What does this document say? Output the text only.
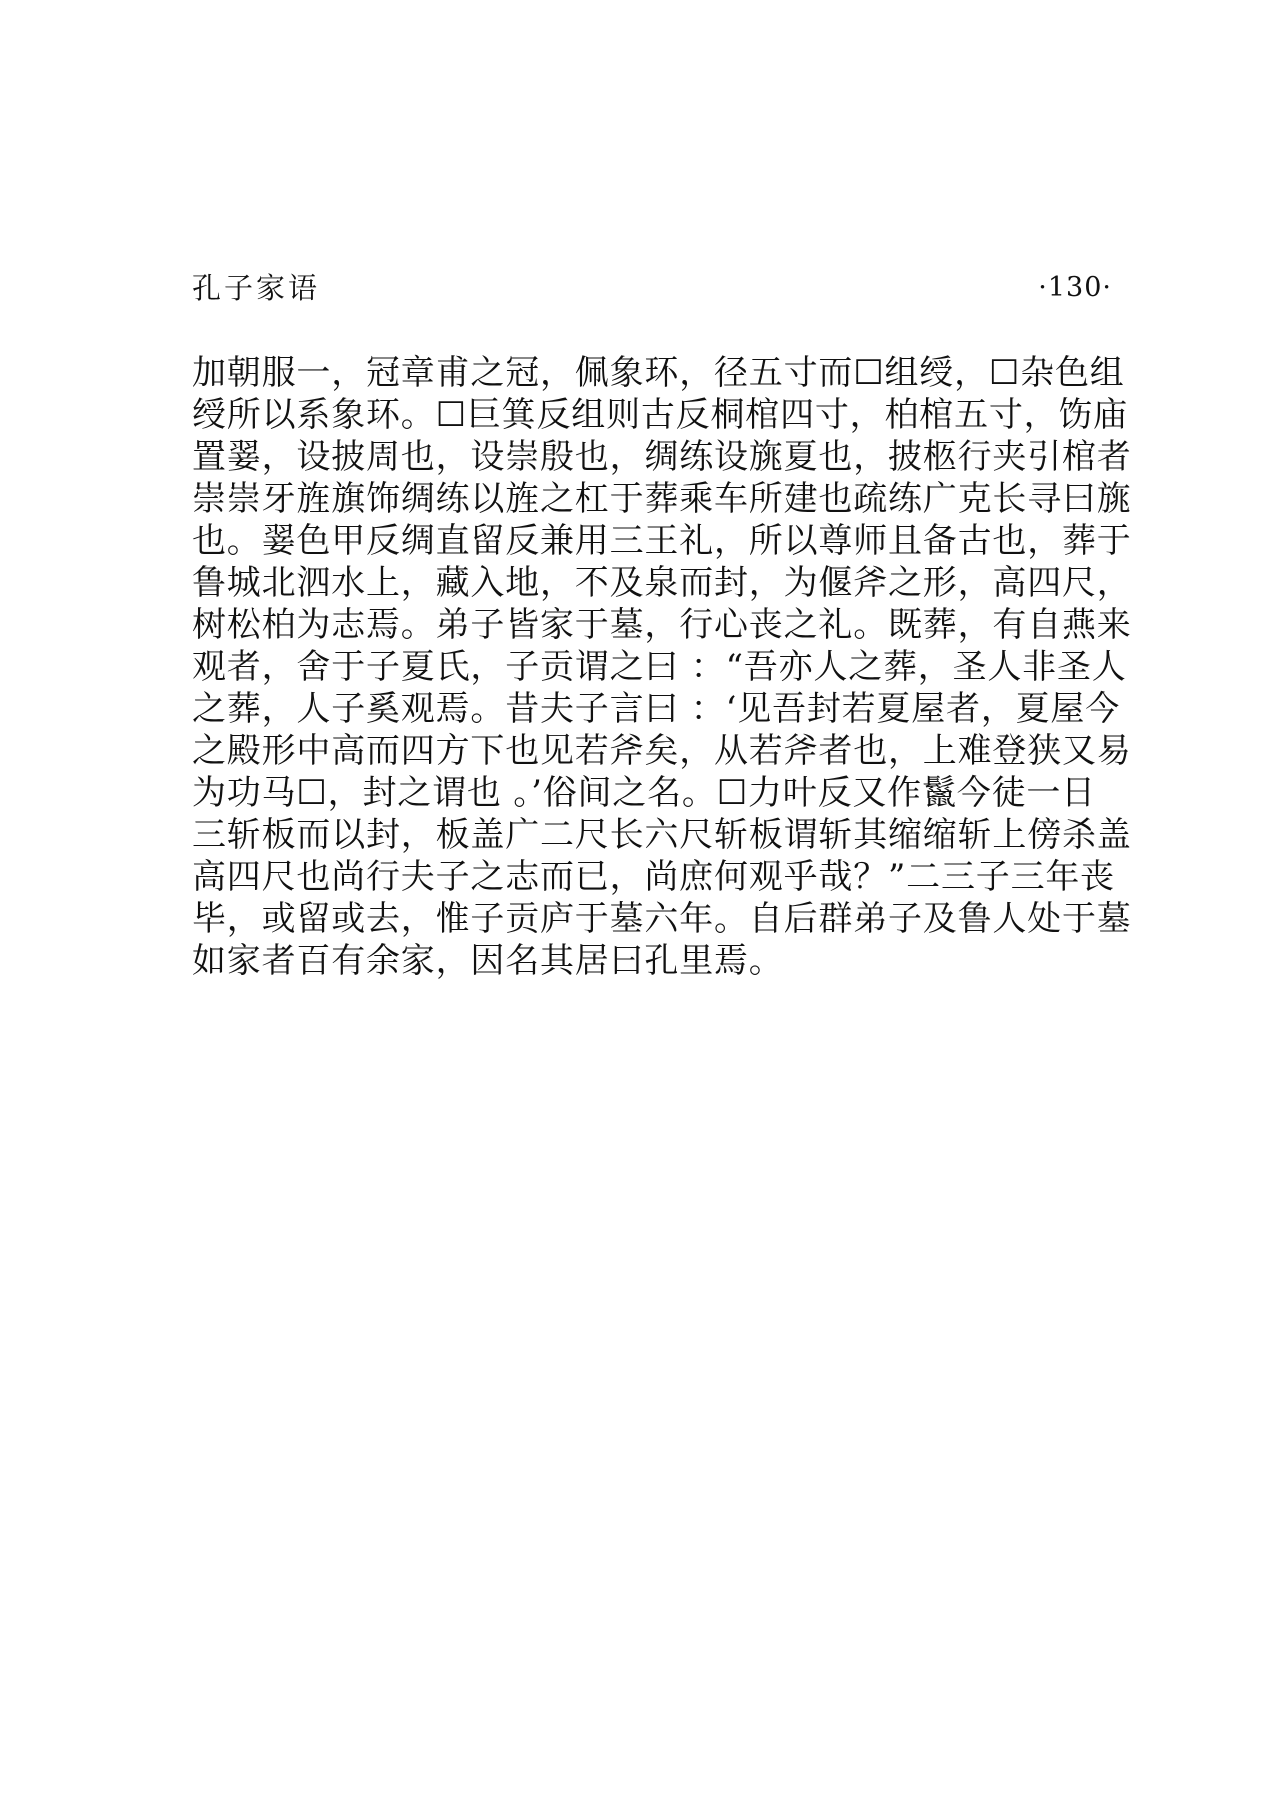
孔子家语	·130·
加朝服一，冠章甫之冠，佩象环，径五寸而☐组绶，☐杂色组
绶所以系象环。☐巨箕反组则古反桐棺四寸，柏棺五寸，饬庙
置翣，设披周也，设崇殷也，绸练设旐夏也，披柩行夹引棺者
崇崇牙旌旗饰绸练以旌之杠于葬乘车所建也疏练广克长寻曰旐
也。翣色甲反绸直留反兼用三王礼，所以尊师且备古也，葬于
鲁城北泗水上，藏入地，不及泉而封，为偃斧之形，高四尺，
树松柏为志焉。弟子皆家于墓，行心丧之礼。既葬，有自燕来
观者，舍于子夏氏，子贡谓之曰 ：“吾亦人之葬，圣人非圣人
之葬，人子奚观焉。昔夫子言曰 ：‘见吾封若夏屋者，夏屋今
之殿形中高而四方下也见若斧矣，从若斧者也，上难登狭又易
为功马☐，封之谓也 。’俗间之名。☐力叶反又作鬣今徒一日
三斩板而以封，板盖广二尺长六尺斩板谓斩其缩缩斩上傍杀盖
高四尺也尚行夫子之志而已，尚庶何观乎哉？”二三子三年丧
毕，或留或去，惟子贡庐于墓六年。自后群弟子及鲁人处于墓
如家者百有余家，因名其居曰孔里焉。
